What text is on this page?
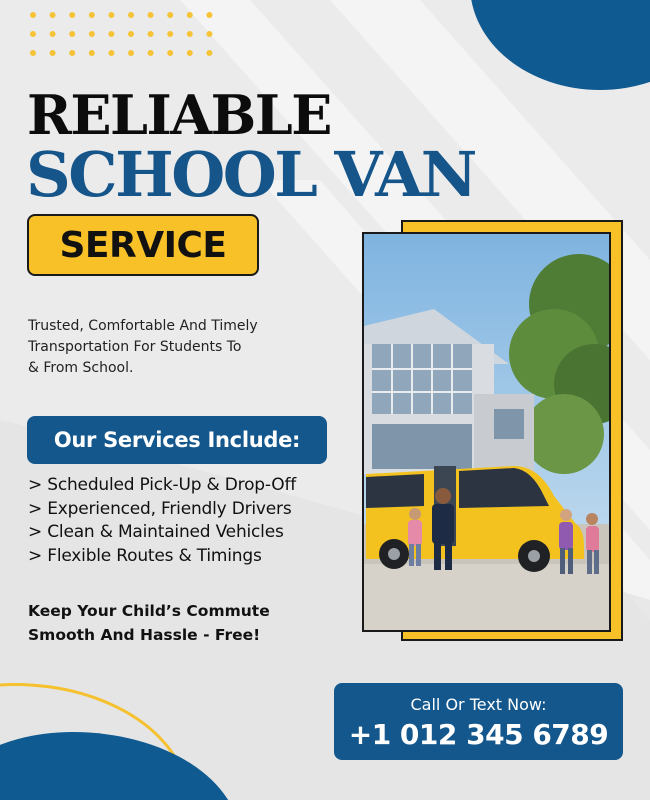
RELIABLE
SCHOOL VAN
SERVICE
Trusted, Comfortable And Timely
Transportation For Students To
& From School.
Our Services Include:
> Scheduled Pick-Up & Drop-Off
> Experienced, Friendly Drivers
> Clean & Maintained Vehicles
> Flexible Routes & Timings
Keep Your Child’s Commute
Smooth And Hassle - Free!
Call Or Text Now:
+1 012 345 6789
